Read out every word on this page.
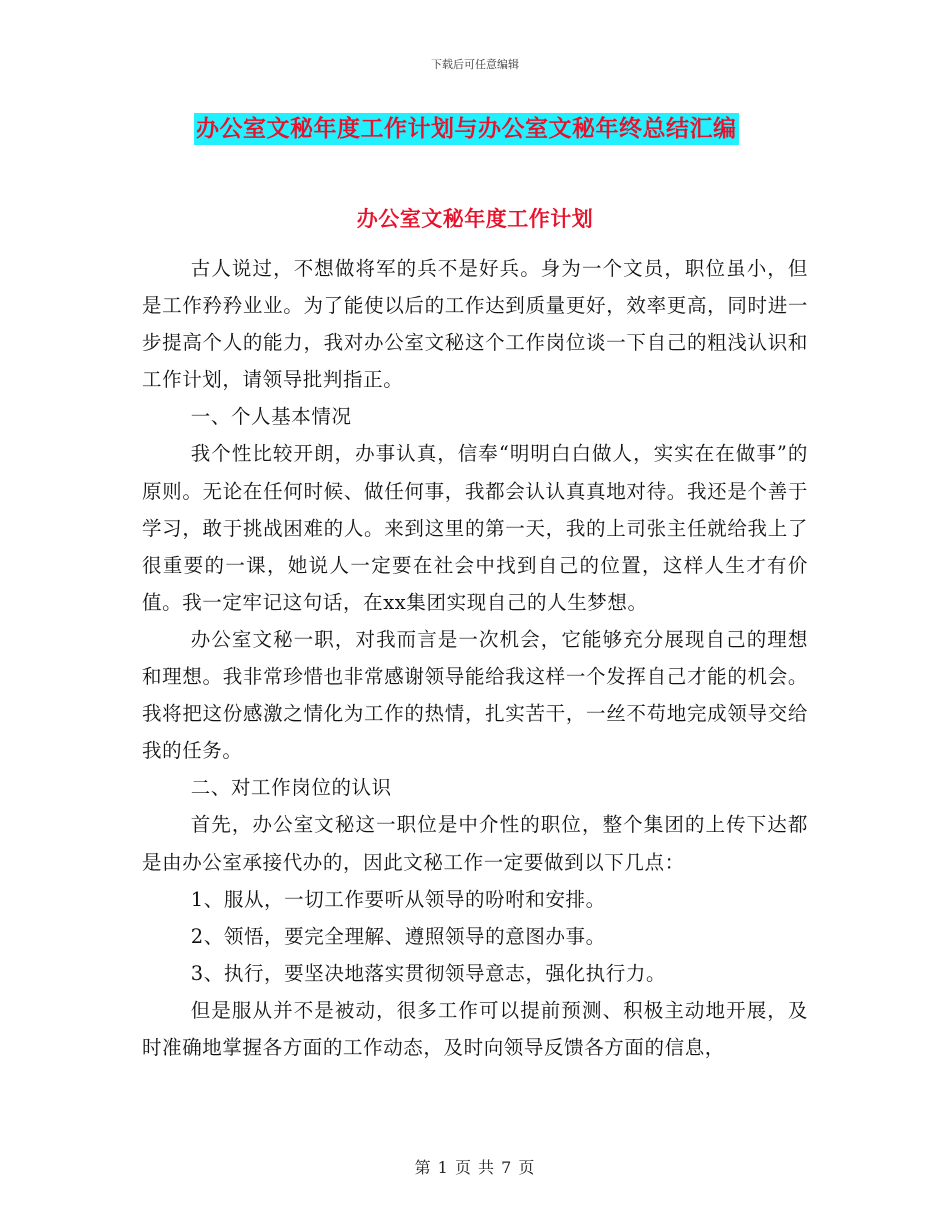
下载后可任意编辑
办公室文秘年度工作计划与办公室文秘年终总结汇编
办公室文秘年度工作计划

古人说过，不想做将军的兵不是好兵。身为一个文员，职位虽小，但是工作矜矜业业。为了能使以后的工作达到质量更好，效率更高，同时进一步提高个人的能力，我对办公室文秘这个工作岗位谈一下自己的粗浅认识和工作计划，请领导批判指正。

一、个人基本情况

我个性比较开朗，办事认真，信奉“明明白白做人，实实在在做事”的原则。无论在任何时候、做任何事，我都会认认真真地对待。我还是个善于学习，敢于挑战困难的人。来到这里的第一天，我的上司张主任就给我上了很重要的一课，她说人一定要在社会中找到自己的位置，这样人生才有价值。我一定牢记这句话，在xx集团实现自己的人生梦想。

办公室文秘一职，对我而言是一次机会，它能够充分展现自己的理想和理想。我非常珍惜也非常感谢领导能给我这样一个发挥自己才能的机会。我将把这份感激之情化为工作的热情，扎实苦干，一丝不苟地完成领导交给我的任务。

二、对工作岗位的认识

首先，办公室文秘这一职位是中介性的职位，整个集团的上传下达都是由办公室承接代办的，因此文秘工作一定要做到以下几点：

1、服从，一切工作要听从领导的吩咐和安排。

2、领悟，要完全理解、遵照领导的意图办事。

3、执行，要坚决地落实贯彻领导意志，强化执行力。

但是服从并不是被动，很多工作可以提前预测、积极主动地开展，及时准确地掌握各方面的工作动态，及时向领导反馈各方面的信息，

第 1 页 共 7 页
